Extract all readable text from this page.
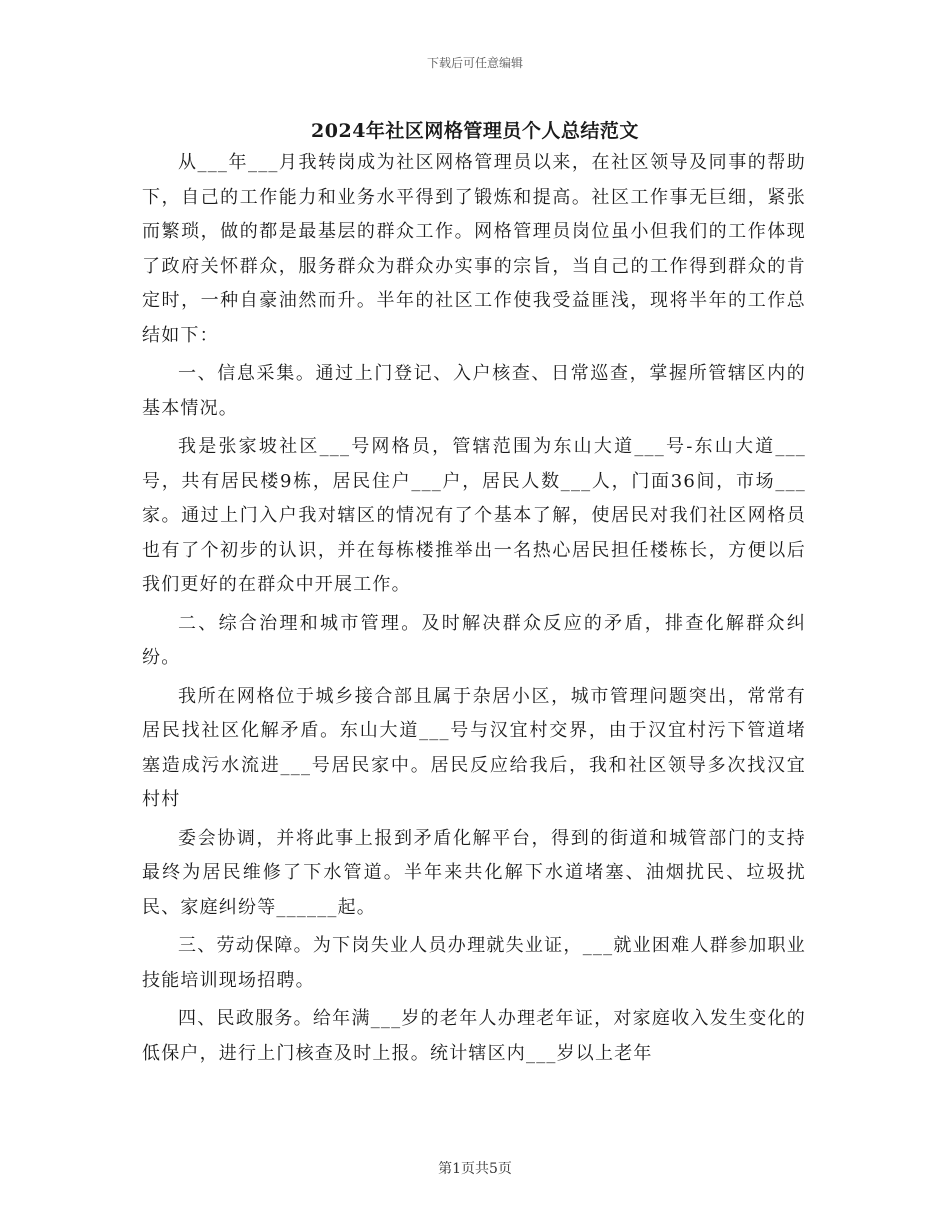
下载后可任意编辑
2024年社区网格管理员个人总结范文

从___年___月我转岗成为社区网格管理员以来，在社区领导及同事的帮助下，自己的工作能力和业务水平得到了锻炼和提高。社区工作事无巨细，紧张而繁琐，做的都是最基层的群众工作。网格管理员岗位虽小但我们的工作体现了政府关怀群众，服务群众为群众办实事的宗旨，当自己的工作得到群众的肯定时，一种自豪油然而升。半年的社区工作使我受益匪浅，现将半年的工作总结如下：

一、信息采集。通过上门登记、入户核查、日常巡查，掌握所管辖区内的基本情况。

我是张家坡社区___号网格员，管辖范围为东山大道___号-东山大道___号，共有居民楼9栋，居民住户___户，居民人数___人，门面36间，市场___家。通过上门入户我对辖区的情况有了个基本了解，使居民对我们社区网格员也有了个初步的认识，并在每栋楼推举出一名热心居民担任楼栋长，方便以后我们更好的在群众中开展工作。

二、综合治理和城市管理。及时解决群众反应的矛盾，排查化解群众纠纷。

我所在网格位于城乡接合部且属于杂居小区，城市管理问题突出，常常有居民找社区化解矛盾。东山大道___号与汉宜村交界，由于汉宜村污下管道堵塞造成污水流进___号居民家中。居民反应给我后，我和社区领导多次找汉宜村村

委会协调，并将此事上报到矛盾化解平台，得到的街道和城管部门的支持最终为居民维修了下水管道。半年来共化解下水道堵塞、油烟扰民、垃圾扰民、家庭纠纷等______起。

三、劳动保障。为下岗失业人员办理就失业证，___就业困难人群参加职业技能培训现场招聘。

四、民政服务。给年满___岁的老年人办理老年证，对家庭收入发生变化的低保户，进行上门核查及时上报。统计辖区内___岁以上老年

第1页共5页
